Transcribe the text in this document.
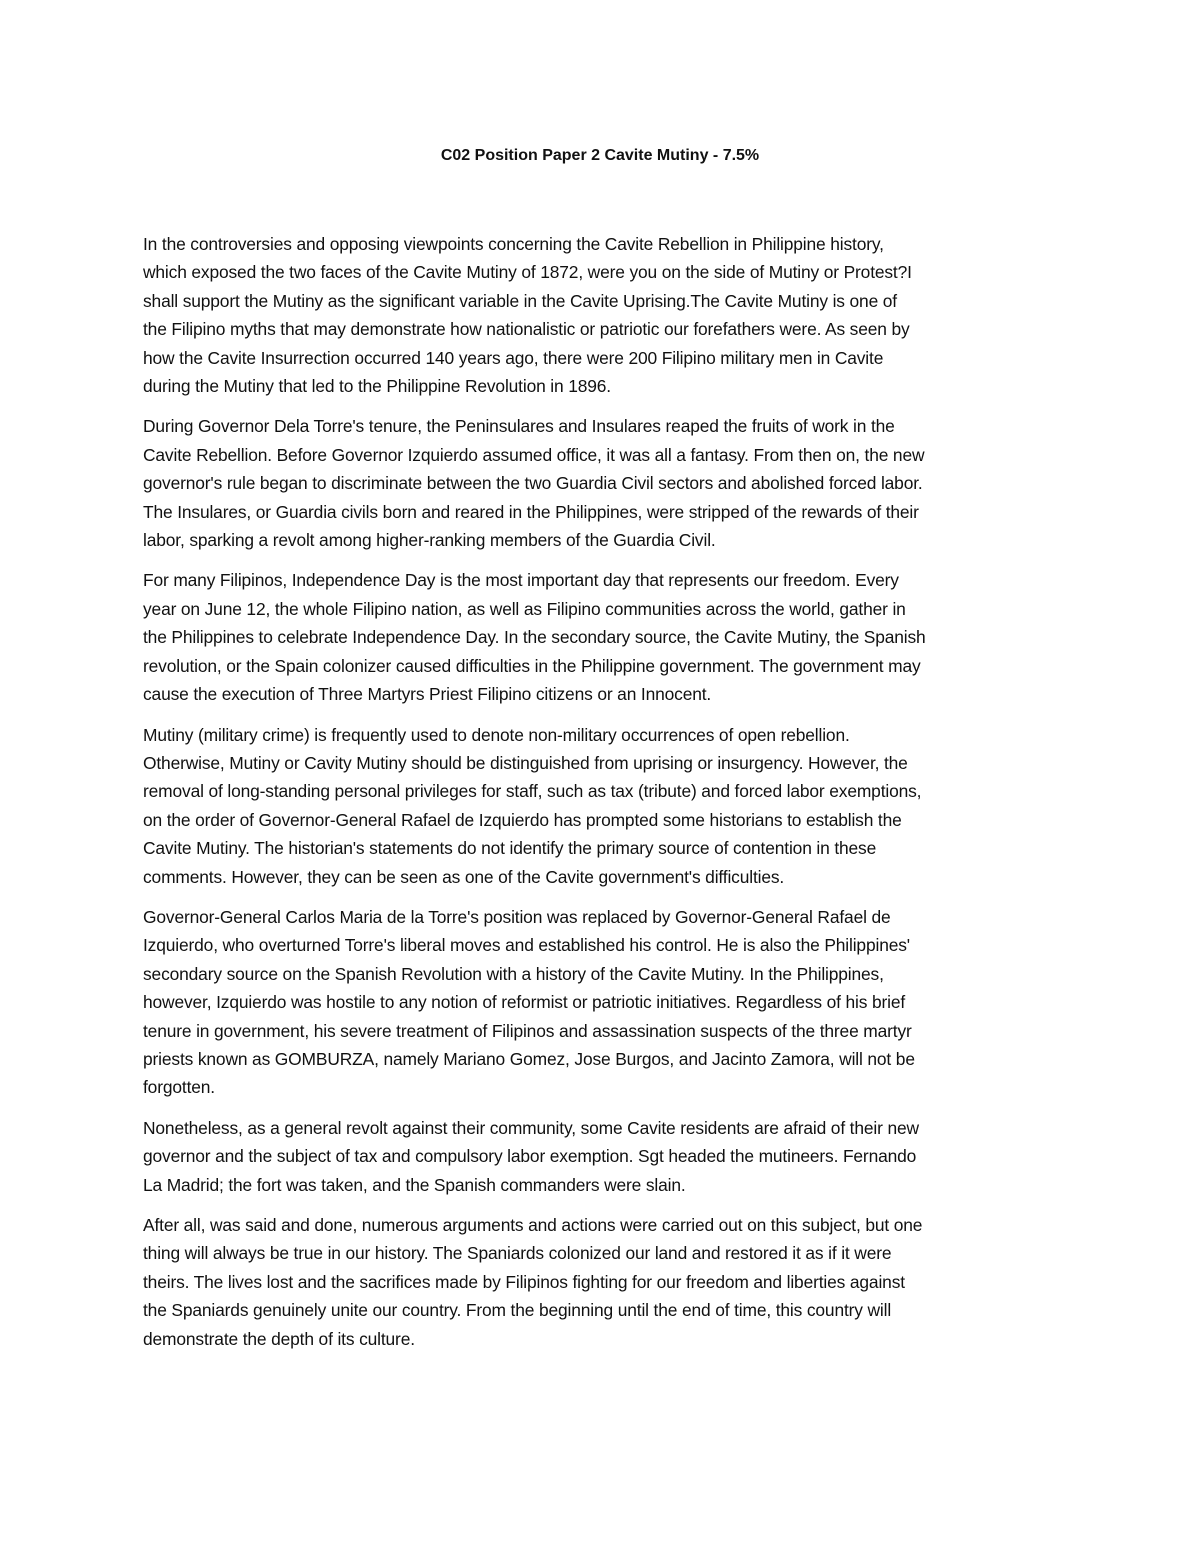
C02 Position Paper 2 Cavite Mutiny - 7.5%

In the controversies and opposing viewpoints concerning the Cavite Rebellion in Philippine history,
which exposed the two faces of the Cavite Mutiny of 1872, were you on the side of Mutiny or Protest?I
shall support the Mutiny as the significant variable in the Cavite Uprising.The Cavite Mutiny is one of
the Filipino myths that may demonstrate how nationalistic or patriotic our forefathers were. As seen by
how the Cavite Insurrection occurred 140 years ago, there were 200 Filipino military men in Cavite
during the Mutiny that led to the Philippine Revolution in 1896.

During Governor Dela Torre's tenure, the Peninsulares and Insulares reaped the fruits of work in the
Cavite Rebellion. Before Governor Izquierdo assumed office, it was all a fantasy. From then on, the new
governor's rule began to discriminate between the two Guardia Civil sectors and abolished forced labor.
The Insulares, or Guardia civils born and reared in the Philippines, were stripped of the rewards of their
labor, sparking a revolt among higher-ranking members of the Guardia Civil.

For many Filipinos, Independence Day is the most important day that represents our freedom. Every
year on June 12, the whole Filipino nation, as well as Filipino communities across the world, gather in
the Philippines to celebrate Independence Day. In the secondary source, the Cavite Mutiny, the Spanish
revolution, or the Spain colonizer caused difficulties in the Philippine government. The government may
cause the execution of Three Martyrs Priest Filipino citizens or an Innocent.

Mutiny (military crime) is frequently used to denote non-military occurrences of open rebellion.
Otherwise, Mutiny or Cavity Mutiny should be distinguished from uprising or insurgency. However, the
removal of long-standing personal privileges for staff, such as tax (tribute) and forced labor exemptions,
on the order of Governor-General Rafael de Izquierdo has prompted some historians to establish the
Cavite Mutiny. The historian's statements do not identify the primary source of contention in these
comments. However, they can be seen as one of the Cavite government's difficulties.

Governor-General Carlos Maria de la Torre's position was replaced by Governor-General Rafael de
Izquierdo, who overturned Torre's liberal moves and established his control. He is also the Philippines'
secondary source on the Spanish Revolution with a history of the Cavite Mutiny. In the Philippines,
however, Izquierdo was hostile to any notion of reformist or patriotic initiatives. Regardless of his brief
tenure in government, his severe treatment of Filipinos and assassination suspects of the three martyr
priests known as GOMBURZA, namely Mariano Gomez, Jose Burgos, and Jacinto Zamora, will not be
forgotten.

Nonetheless, as a general revolt against their community, some Cavite residents are afraid of their new
governor and the subject of tax and compulsory labor exemption. Sgt headed the mutineers. Fernando
La Madrid; the fort was taken, and the Spanish commanders were slain.

After all, was said and done, numerous arguments and actions were carried out on this subject, but one
thing will always be true in our history. The Spaniards colonized our land and restored it as if it were
theirs. The lives lost and the sacrifices made by Filipinos fighting for our freedom and liberties against
the Spaniards genuinely unite our country. From the beginning until the end of time, this country will
demonstrate the depth of its culture.
